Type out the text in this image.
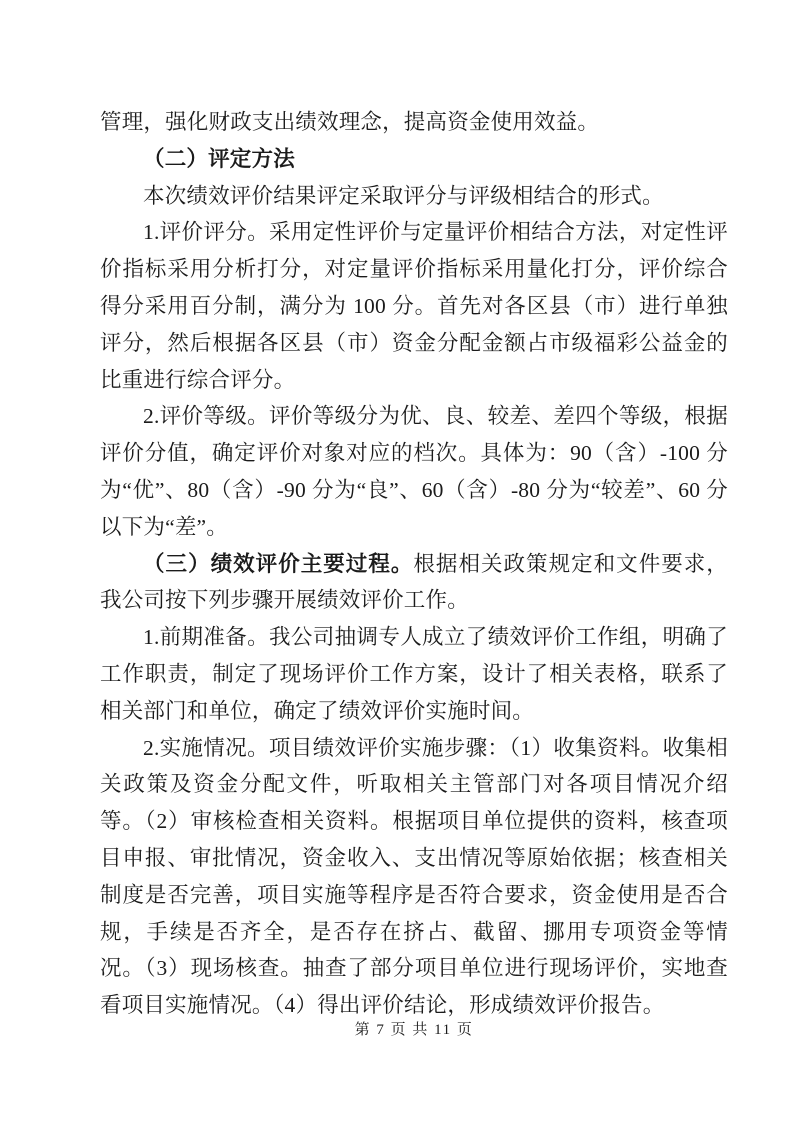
管理，强化财政支出绩效理念，提高资金使用效益。

（二）评定方法

本次绩效评价结果评定采取评分与评级相结合的形式。

1.评价评分。采用定性评价与定量评价相结合方法，对定性评价指标采用分析打分，对定量评价指标采用量化打分，评价综合得分采用百分制，满分为 100 分。首先对各区县（市）进行单独评分，然后根据各区县（市）资金分配金额占市级福彩公益金的比重进行综合评分。

2.评价等级。评价等级分为优、良、较差、差四个等级，根据评价分值，确定评价对象对应的档次。具体为：90（含）-100 分为“优”、80（含）-90 分为“良”、60（含）-80 分为“较差”、60 分以下为“差”。

（三）绩效评价主要过程。根据相关政策规定和文件要求，我公司按下列步骤开展绩效评价工作。

1.前期准备。我公司抽调专人成立了绩效评价工作组，明确了工作职责，制定了现场评价工作方案，设计了相关表格，联系了相关部门和单位，确定了绩效评价实施时间。

2.实施情况。项目绩效评价实施步骤：（1）收集资料。收集相关政策及资金分配文件，听取相关主管部门对各项目情况介绍等。（2）审核检查相关资料。根据项目单位提供的资料，核查项目申报、审批情况，资金收入、支出情况等原始依据；核查相关制度是否完善，项目实施等程序是否符合要求，资金使用是否合规，手续是否齐全，是否存在挤占、截留、挪用专项资金等情况。（3）现场核查。抽查了部分项目单位进行现场评价，实地查看项目实施情况。（4）得出评价结论，形成绩效评价报告。

第 7 页 共 11 页
